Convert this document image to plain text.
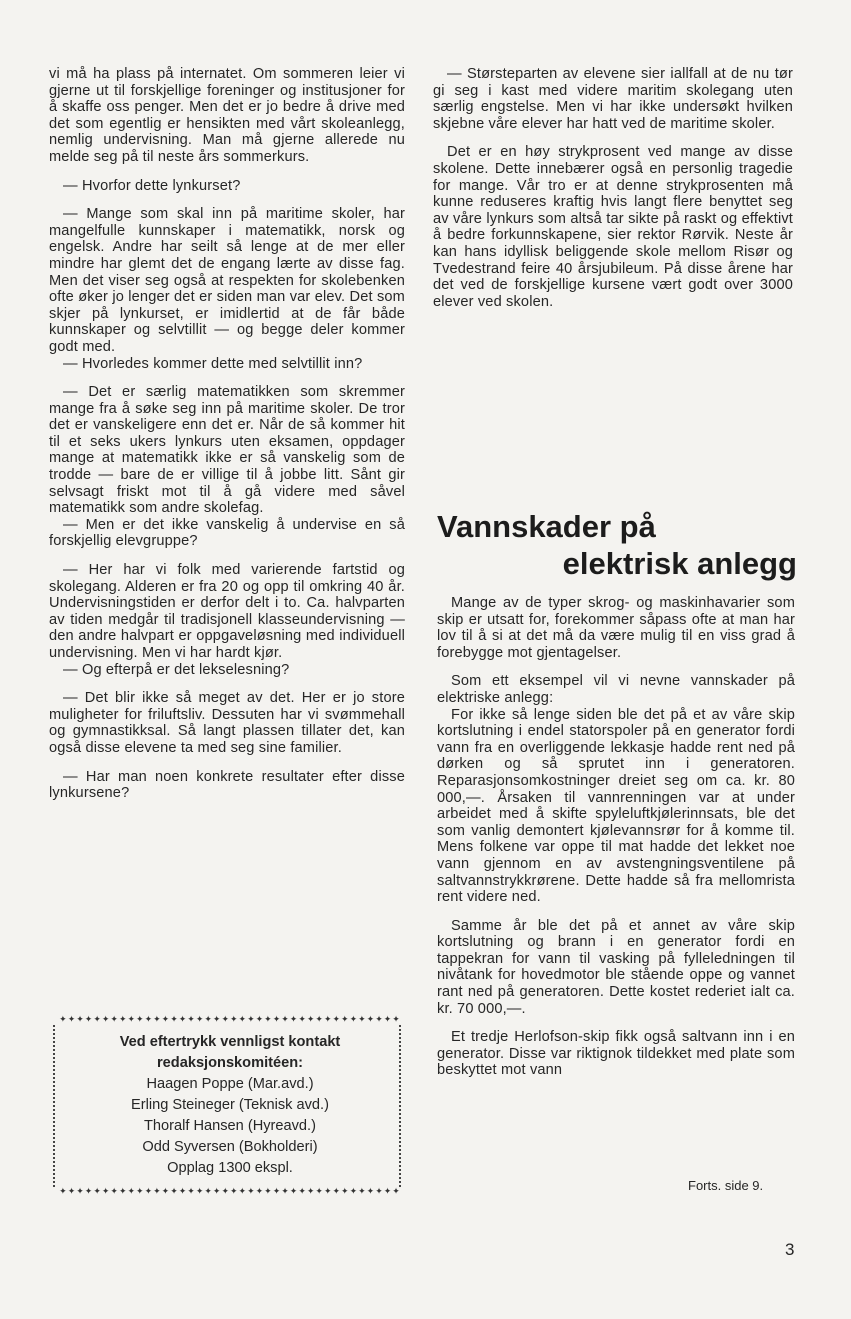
vi må ha plass på internatet. Om sommeren leier vi gjerne ut til forskjellige foreninger og institusjoner for å skaffe oss penger. Men det er jo bedre å drive med det som egentlig er hensikten med vårt skoleanlegg, nemlig undervisning. Man må gjerne allerede nu melde seg på til neste års sommerkurs.

— Hvorfor dette lynkurset?

— Mange som skal inn på maritime skoler, har mangelfulle kunnskaper i matematikk, norsk og engelsk. Andre har seilt så lenge at de mer eller mindre har glemt det de engang lærte av disse fag. Men det viser seg også at respekten for skolebenken ofte øker jo lenger det er siden man var elev. Det som skjer på lynkurset, er imidlertid at de får både kunnskaper og selvtillit — og begge deler kommer godt med.

— Hvorledes kommer dette med selvtillit inn?

— Det er særlig matematikken som skremmer mange fra å søke seg inn på maritime skoler. De tror det er vanskeligere enn det er. Når de så kommer hit til et seks ukers lynkurs uten eksamen, oppdager mange at matematikk ikke er så vanskelig som de trodde — bare de er villige til å jobbe litt. Sånt gir selvsagt friskt mot til å gå videre med såvel matematikk som andre skolefag.

— Men er det ikke vanskelig å undervise en så forskjellig elevgruppe?

— Her har vi folk med varierende fartstid og skolegang. Alderen er fra 20 og opp til omkring 40 år. Undervisningstiden er derfor delt i to. Ca. halvparten av tiden medgår til tradisjonell klasseundervisning — den andre halvpart er oppgaveløsning med individuell undervisning. Men vi har hardt kjør.

— Og efterpå er det lekselesning?

— Det blir ikke så meget av det. Her er jo store muligheter for friluftsliv. Dessuten har vi svømmehall og gymnastikksal. Så langt plassen tillater det, kan også disse elevene ta med seg sine familier.

— Har man noen konkrete resultater efter disse lynkursene?

— Størsteparten av elevene sier iallfall at de nu tør gi seg i kast med videre maritim skolegang uten særlig engstelse. Men vi har ikke undersøkt hvilken skjebne våre elever har hatt ved de maritime skoler.

Det er en høy strykprosent ved mange av disse skolene. Dette innebærer også en personlig tragedie for mange. Vår tro er at denne strykprosenten må kunne reduseres kraftig hvis langt flere benyttet seg av våre lynkurs som altså tar sikte på raskt og effektivt å bedre forkunnskapene, sier rektor Rørvik. Neste år kan hans idyllisk beliggende skole mellom Risør og Tvedestrand feire 40 årsjubileum. På disse årene har det ved de forskjellige kursene vært godt over 3000 elever ved skolen.

Vannskader på
elektrisk anlegg

Mange av de typer skrog- og maskinhavarier som skip er utsatt for, forekommer såpass ofte at man har lov til å si at det må da være mulig til en viss grad å forebygge mot gjentagelser.

Som ett eksempel vil vi nevne vannskader på elektriske anlegg:

For ikke så lenge siden ble det på et av våre skip kortslutning i endel statorspoler på en generator fordi vann fra en overliggende lekkasje hadde rent ned på dørken og så sprutet inn i generatoren. Reparasjonsomkostninger dreiet seg om ca. kr. 80 000,—. Årsaken til vannrenningen var at under arbeidet med å skifte spyleluftkjølerinnsats, ble det som vanlig demontert kjølevannsrør for å komme til. Mens folkene var oppe til mat hadde det lekket noe vann gjennom en av avstengningsventilene på saltvannstrykkrørene. Dette hadde så fra mellomrista rent videre ned.

Samme år ble det på et annet av våre skip kortslutning og brann i en generator fordi en tappekran for vann til vasking på fylleledningen til nivåtank for hovedmotor ble stående oppe og vannet rant ned på generatoren. Dette kostet rederiet ialt ca. kr. 70 000,—.

Et tredje Herlofson-skip fikk også saltvann inn i en generator. Disse var riktignok tildekket med plate som beskyttet mot vann

✦✦✦✦✦✦✦✦✦✦✦✦✦✦✦✦✦✦✦✦✦✦✦✦✦✦✦✦✦✦✦✦✦✦✦✦✦✦✦✦
Ved eftertrykk vennligst kontakt
redaksjonskomitéen:
Haagen Poppe (Mar.avd.)
Erling Steineger (Teknisk avd.)
Thoralf Hansen (Hyreavd.)
Odd Syversen (Bokholderi)
Opplag 1300 ekspl.
✦✦✦✦✦✦✦✦✦✦✦✦✦✦✦✦✦✦✦✦✦✦✦✦✦✦✦✦✦✦✦✦✦✦✦✦✦✦✦✦	Forts. side 9.
3
